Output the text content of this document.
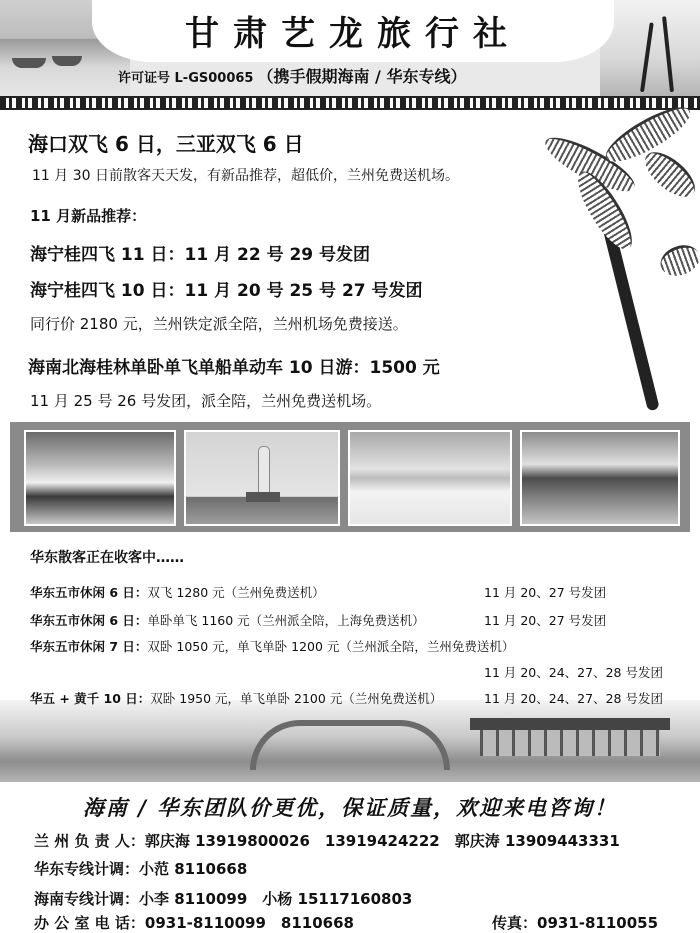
甘肃艺龙旅行社
许可证号 L-GS00065 （携手假期海南 / 华东专线）
海口双飞 6 日，三亚双飞 6 日
11 月 30 日前散客天天发，有新品推荐，超低价，兰州免费送机场。
11 月新品推荐：
海宁桂四飞 11 日：11 月 22 号 29 号发团
海宁桂四飞 10 日：11 月 20 号 25 号 27 号发团
同行价 2180 元，兰州铁定派全陪，兰州机场免费接送。
海南北海桂林单卧单飞单船单动车 10 日游：1500 元
11 月 25 号 26 号发团，派全陪，兰州免费送机场。
华东散客正在收客中……
华东五市休闲 6 日：双飞 1280 元（兰州免费送机）	11 月 20、27 号发团
华东五市休闲 6 日：单卧单飞 1160 元（兰州派全陪，上海免费送机）	11 月 20、27 号发团
华东五市休闲 7 日：双卧 1050 元，单飞单卧 1200 元（兰州派全陪，兰州免费送机）
11 月 20、24、27、28 号发团
华五 + 黄千 10 日：双卧 1950 元，单飞单卧 2100 元（兰州免费送机）	11 月 20、24、27、28 号发团
海南 / 华东团队价更优，保证质量，欢迎来电咨询！
兰 州 负 责 人：郭庆海 13919800026　13919424222　郭庆涛 13909443331
华东专线计调：小范 8110668
海南专线计调：小李 8110099　小杨 15117160803
办 公 室 电 话：0931-8110099　8110668	传真：0931-8110055
